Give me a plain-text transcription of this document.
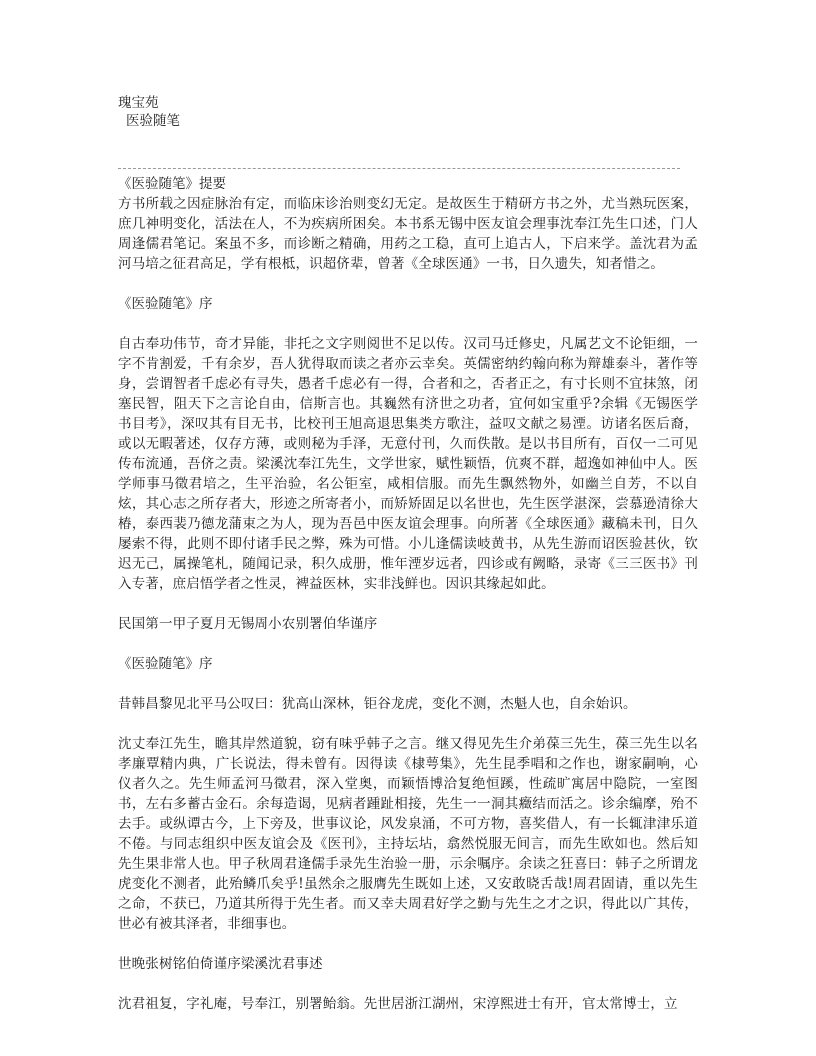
瑰宝苑

医验随笔

《医验随笔》提要

方书所载之因症脉治有定，而临床诊治则变幻无定。是故医生于精研方书之外，尤当熟玩医案，庶几神明变化，活法在人，不为疾病所困矣。本书系无锡中医友谊会理事沈奉江先生口述，门人周逢儒君笔记。案虽不多，而诊断之精确，用药之工稳，直可上追古人，下启来学。盖沈君为孟河马培之征君高足，学有根柢，识超侪辈，曾著《全球医通》一书，日久遗失，知者惜之。

《医验随笔》序

自古奉功伟节，奇才异能，非托之文字则阅世不足以传。汉司马迁修史，凡属艺文不论钜细，一字不肯割爱，千有余岁，吾人犹得取而读之者亦云幸矣。英儒密纳约翰向称为辩雄泰斗，著作等身，尝谓智者千虑必有寻失，愚者千虑必有一得，合者和之，否者正之，有寸长则不宜抹煞，闭塞民智，阻天下之言论自由，信斯言也。其巍然有济世之功者，宜何如宝重乎?余辑《无锡医学书目考》，深叹其有目无书，比校刊王旭高退思集类方歌注，益叹文献之易湮。访诸名医后裔，或以无暇著述，仅存方薄，或则秘为手泽，无意付刊，久而佚散。是以书目所有，百仅一二可见传布流通，吾侪之责。梁溪沈奉江先生，文学世家，赋性颖悟，伉爽不群，超逸如神仙中人。医学师事马徵君培之，生平治验，名公钜室，咸相信服。而先生飘然物外，如幽兰自芳，不以自炫，其心志之所存者大，形迹之所寄者小，而矫矫固足以名世也，先生医学湛深，尝慕逊清徐大椿，泰西裴乃德龙蒲束之为人，现为吾邑中医友谊会理事。向所著《全球医通》藏稿未刊，日久屡索不得，此则不即付诸手民之弊，殊为可惜。小儿逢儒读岐黄书，从先生游而诏医验甚伙，钦迟无己，属操笔札，随闻记录，积久成册，惟年湮岁远者，四诊或有阙略，录寄《三三医书》刊入专著，庶启悟学者之性灵，裨益医林，实非浅鲜也。因识其缘起如此。

民国第一甲子夏月无锡周小农别署伯华谨序

《医验随笔》序

昔韩昌黎见北平马公叹曰：犹高山深林，钜谷龙虎，变化不测，杰魁人也，自余始识。

沈丈奉江先生，瞻其岸然道貌，窃有味乎韩子之言。继又得见先生介弟葆三先生，葆三先生以名孝廉覃精内典，广长说法，得未曾有。因得读《棣萼集》，先生昆季唱和之作也，谢家嗣响，心仪者久之。先生师孟河马徵君，深入堂奥，而颖悟博洽复绝恒蹊，性疏旷寓居中隐院，一室图书，左右多蓄古金石。余每造谒，见病者踵趾相接，先生一一洞其癥结而活之。诊余编摩，殆不去手。或纵谭古今，上下旁及，世事议论，风发泉涌，不可方物，喜奖借人，有一长辄津津乐道不倦。与同志组织中医友谊会及《医刊》，主持坛坫，翕然悦服无间言，而先生欧如也。然后知先生果非常人也。甲子秋周君逢儒手录先生治验一册，示余嘱序。余读之狂喜曰：韩子之所谓龙虎变化不测者，此殆鳞爪矣乎!虽然余之服膺先生既如上述，又安敢晓舌哉!周君固请，重以先生之命，不获已，乃道其所得于先生者。而又幸夫周君好学之勤与先生之才之识，得此以广其传，世必有被其泽者，非细事也。

世晚张树铭伯倚谨序梁溪沈君事述

沈君祖复，字礼庵，号奉江，别署鲐翁。先世居浙江湖州，宋淳熙进士有开，官太常博士，立
